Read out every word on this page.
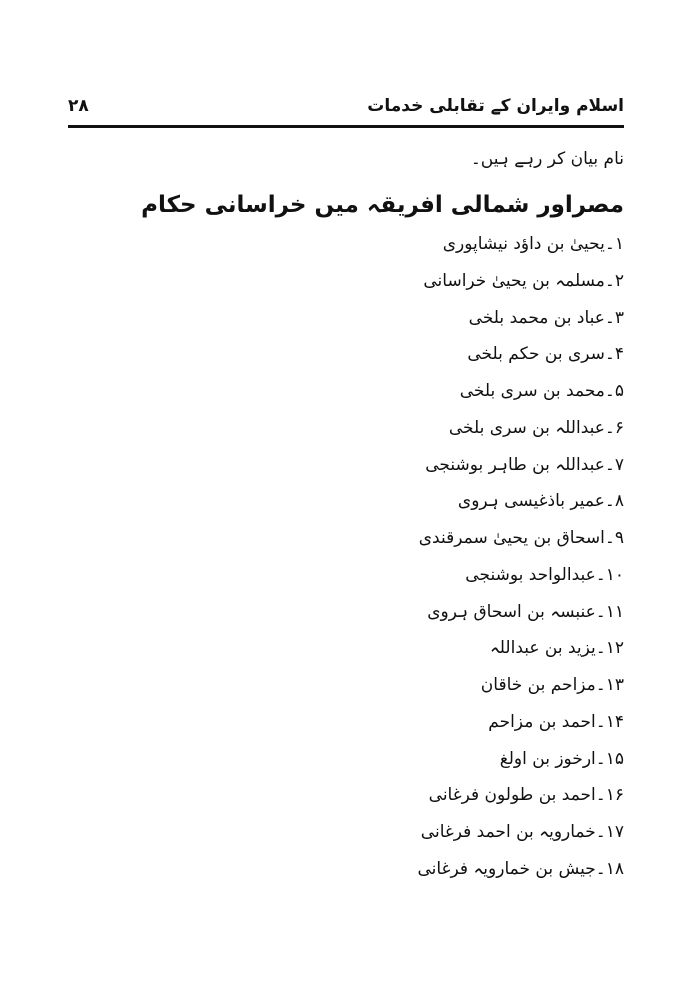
اسلام وایران کے تقابلی خدمات
۲۸
نام بیان کر رہے ہیں۔
مصراور شمالی افریقہ میں خراسانی حکام
۱۔یحییٰ بن داؤد نیشاپوری
۲۔مسلمہ بن یحییٰ خراسانی
۳۔عباد بن محمد بلخی
۴۔سری بن حکم بلخی
۵۔محمد بن سری بلخی
۶۔عبداللہ بن سری بلخی
۷۔عبداللہ بن طاہر بوشنجی
۸۔عمیر باذغیسی ہروی
۹۔اسحاق بن یحییٰ سمرقندی
۱۰۔عبدالواحد بوشنجی
۱۱۔عنبسہ بن اسحاق ہروی
۱۲۔یزید بن عبداللہ
۱۳۔مزاحم بن خاقان
۱۴۔احمد بن مزاحم
۱۵۔ارخوز بن اولغ
۱۶۔احمد بن طولون فرغانی
۱۷۔خمارویہ بن احمد فرغانی
۱۸۔جیش بن خمارویہ فرغانی
